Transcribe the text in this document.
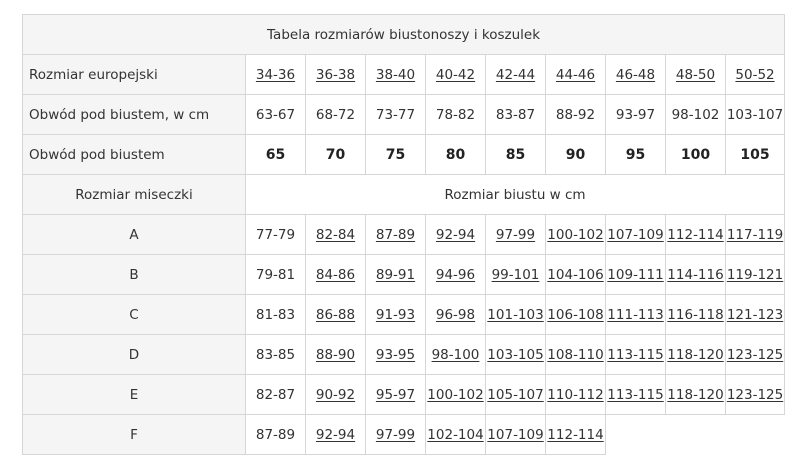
Tabela rozmiarów biustonoszy i koszulek									
Rozmiar europejski	34-36	36-38	38-40	40-42	42-44	44-46	46-48	48-50	50-52
Obwód pod biustem, w cm	63-67	68-72	73-77	78-82	83-87	88-92	93-97	98-102	103-107
Obwód pod biustem	65	70	75	80	85	90	95	100	105
Rozmiar miseczki	Rozmiar biustu w cm								
A	77-79	82-84	87-89	92-94	97-99	100-102	107-109	112-114	117-119
B	79-81	84-86	89-91	94-96	99-101	104-106	109-111	114-116	119-121
C	81-83	86-88	91-93	96-98	101-103	106-108	111-113	116-118	121-123
D	83-85	88-90	93-95	98-100	103-105	108-110	113-115	118-120	123-125
E	82-87	90-92	95-97	100-102	105-107	110-112	113-115	118-120	123-125
F	87-89	92-94	97-99	102-104	107-109	112-114			
